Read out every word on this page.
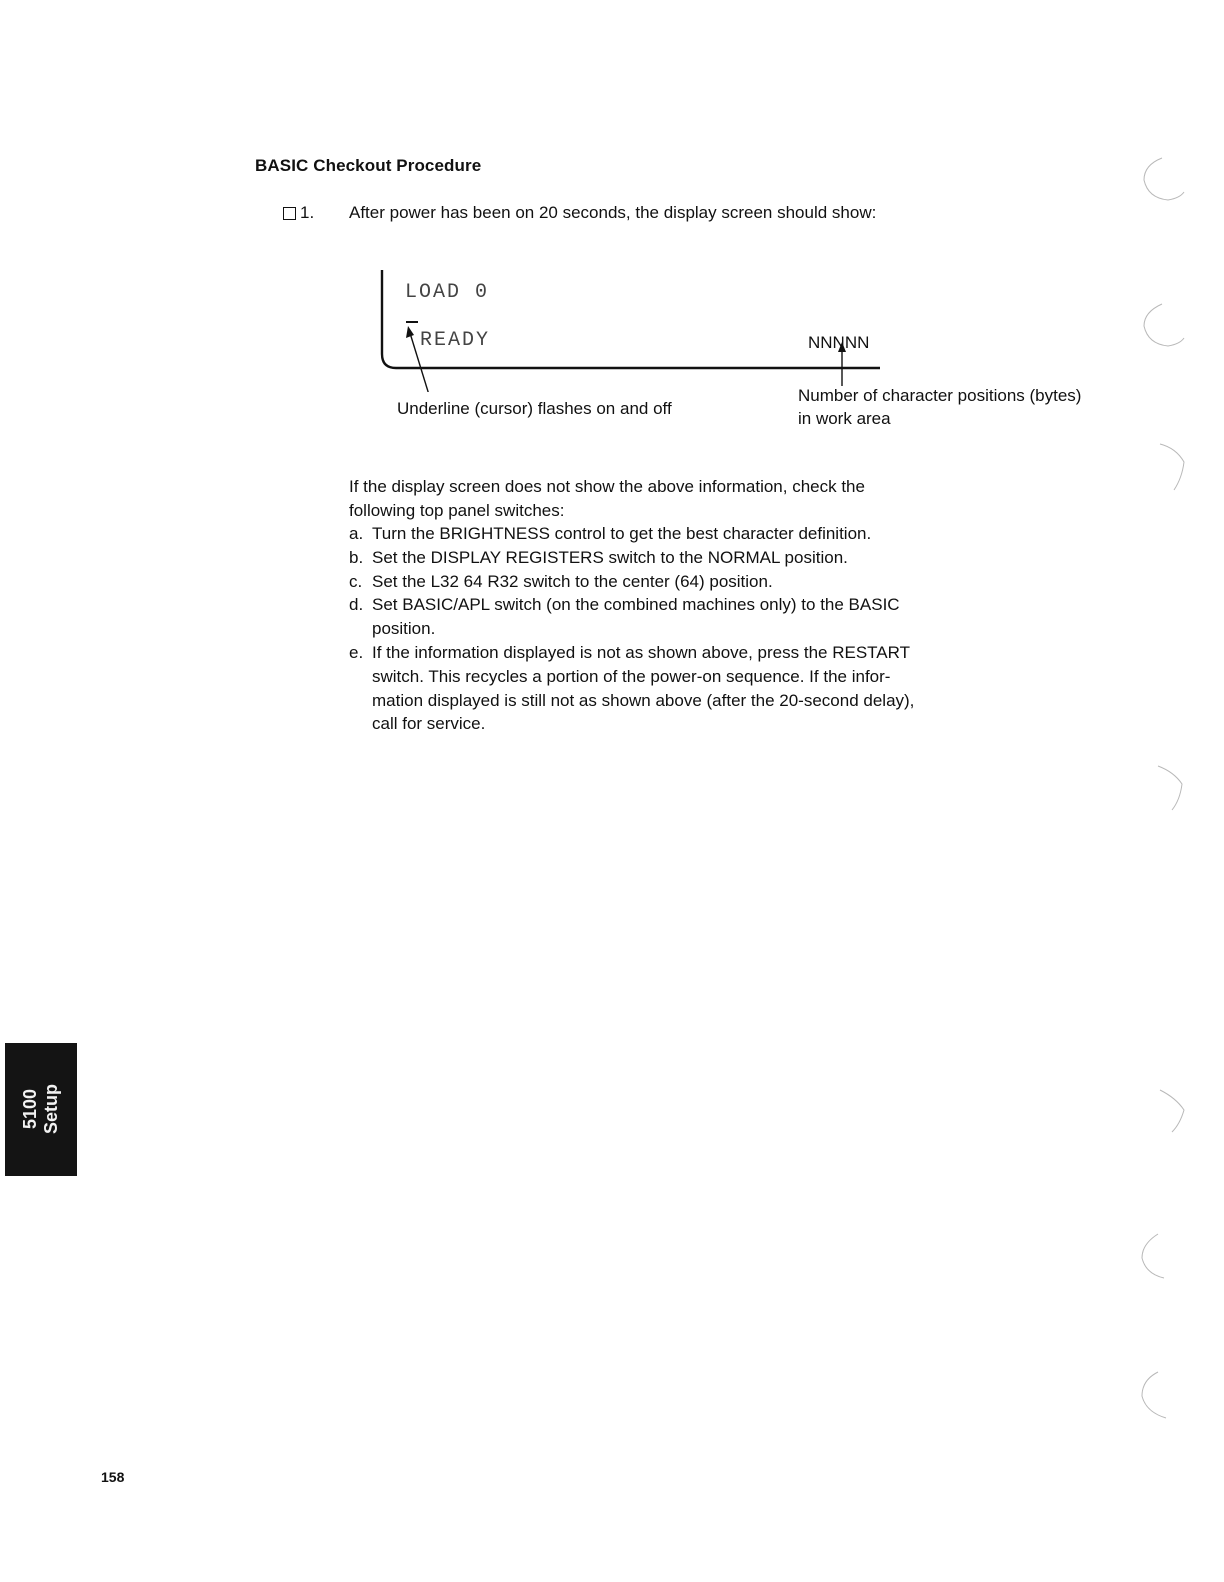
BASIC Checkout Procedure
1. After power has been on 20 seconds, the display screen should show:
LOAD 0
READY	NNNNN
Underline (cursor) flashes on and off
Number of character positions (bytes)
in work area
If the display screen does not show the above information, check the
following top panel switches:
a. Turn the BRIGHTNESS control to get the best character definition.
b. Set the DISPLAY REGISTERS switch to the NORMAL position.
c. Set the L32 64 R32 switch to the center (64) position.
d. Set BASIC/APL switch (on the combined machines only) to the BASIC
position.
e. If the information displayed is not as shown above, press the RESTART
switch. This recycles a portion of the power-on sequence. If the infor-
mation displayed is still not as shown above (after the 20-second delay),
call for service.
5100 Setup
158
